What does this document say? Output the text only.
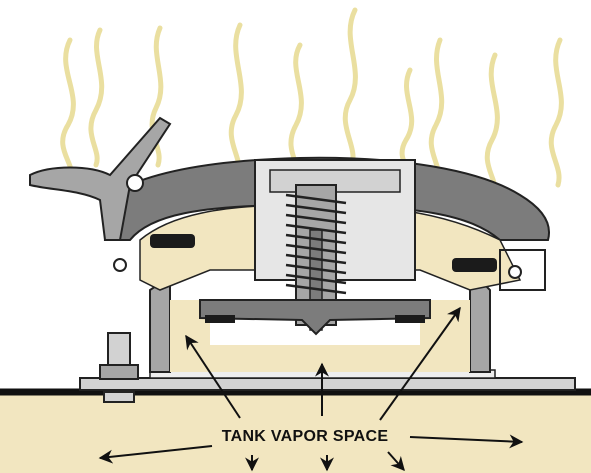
TANK VAPOR SPACE
